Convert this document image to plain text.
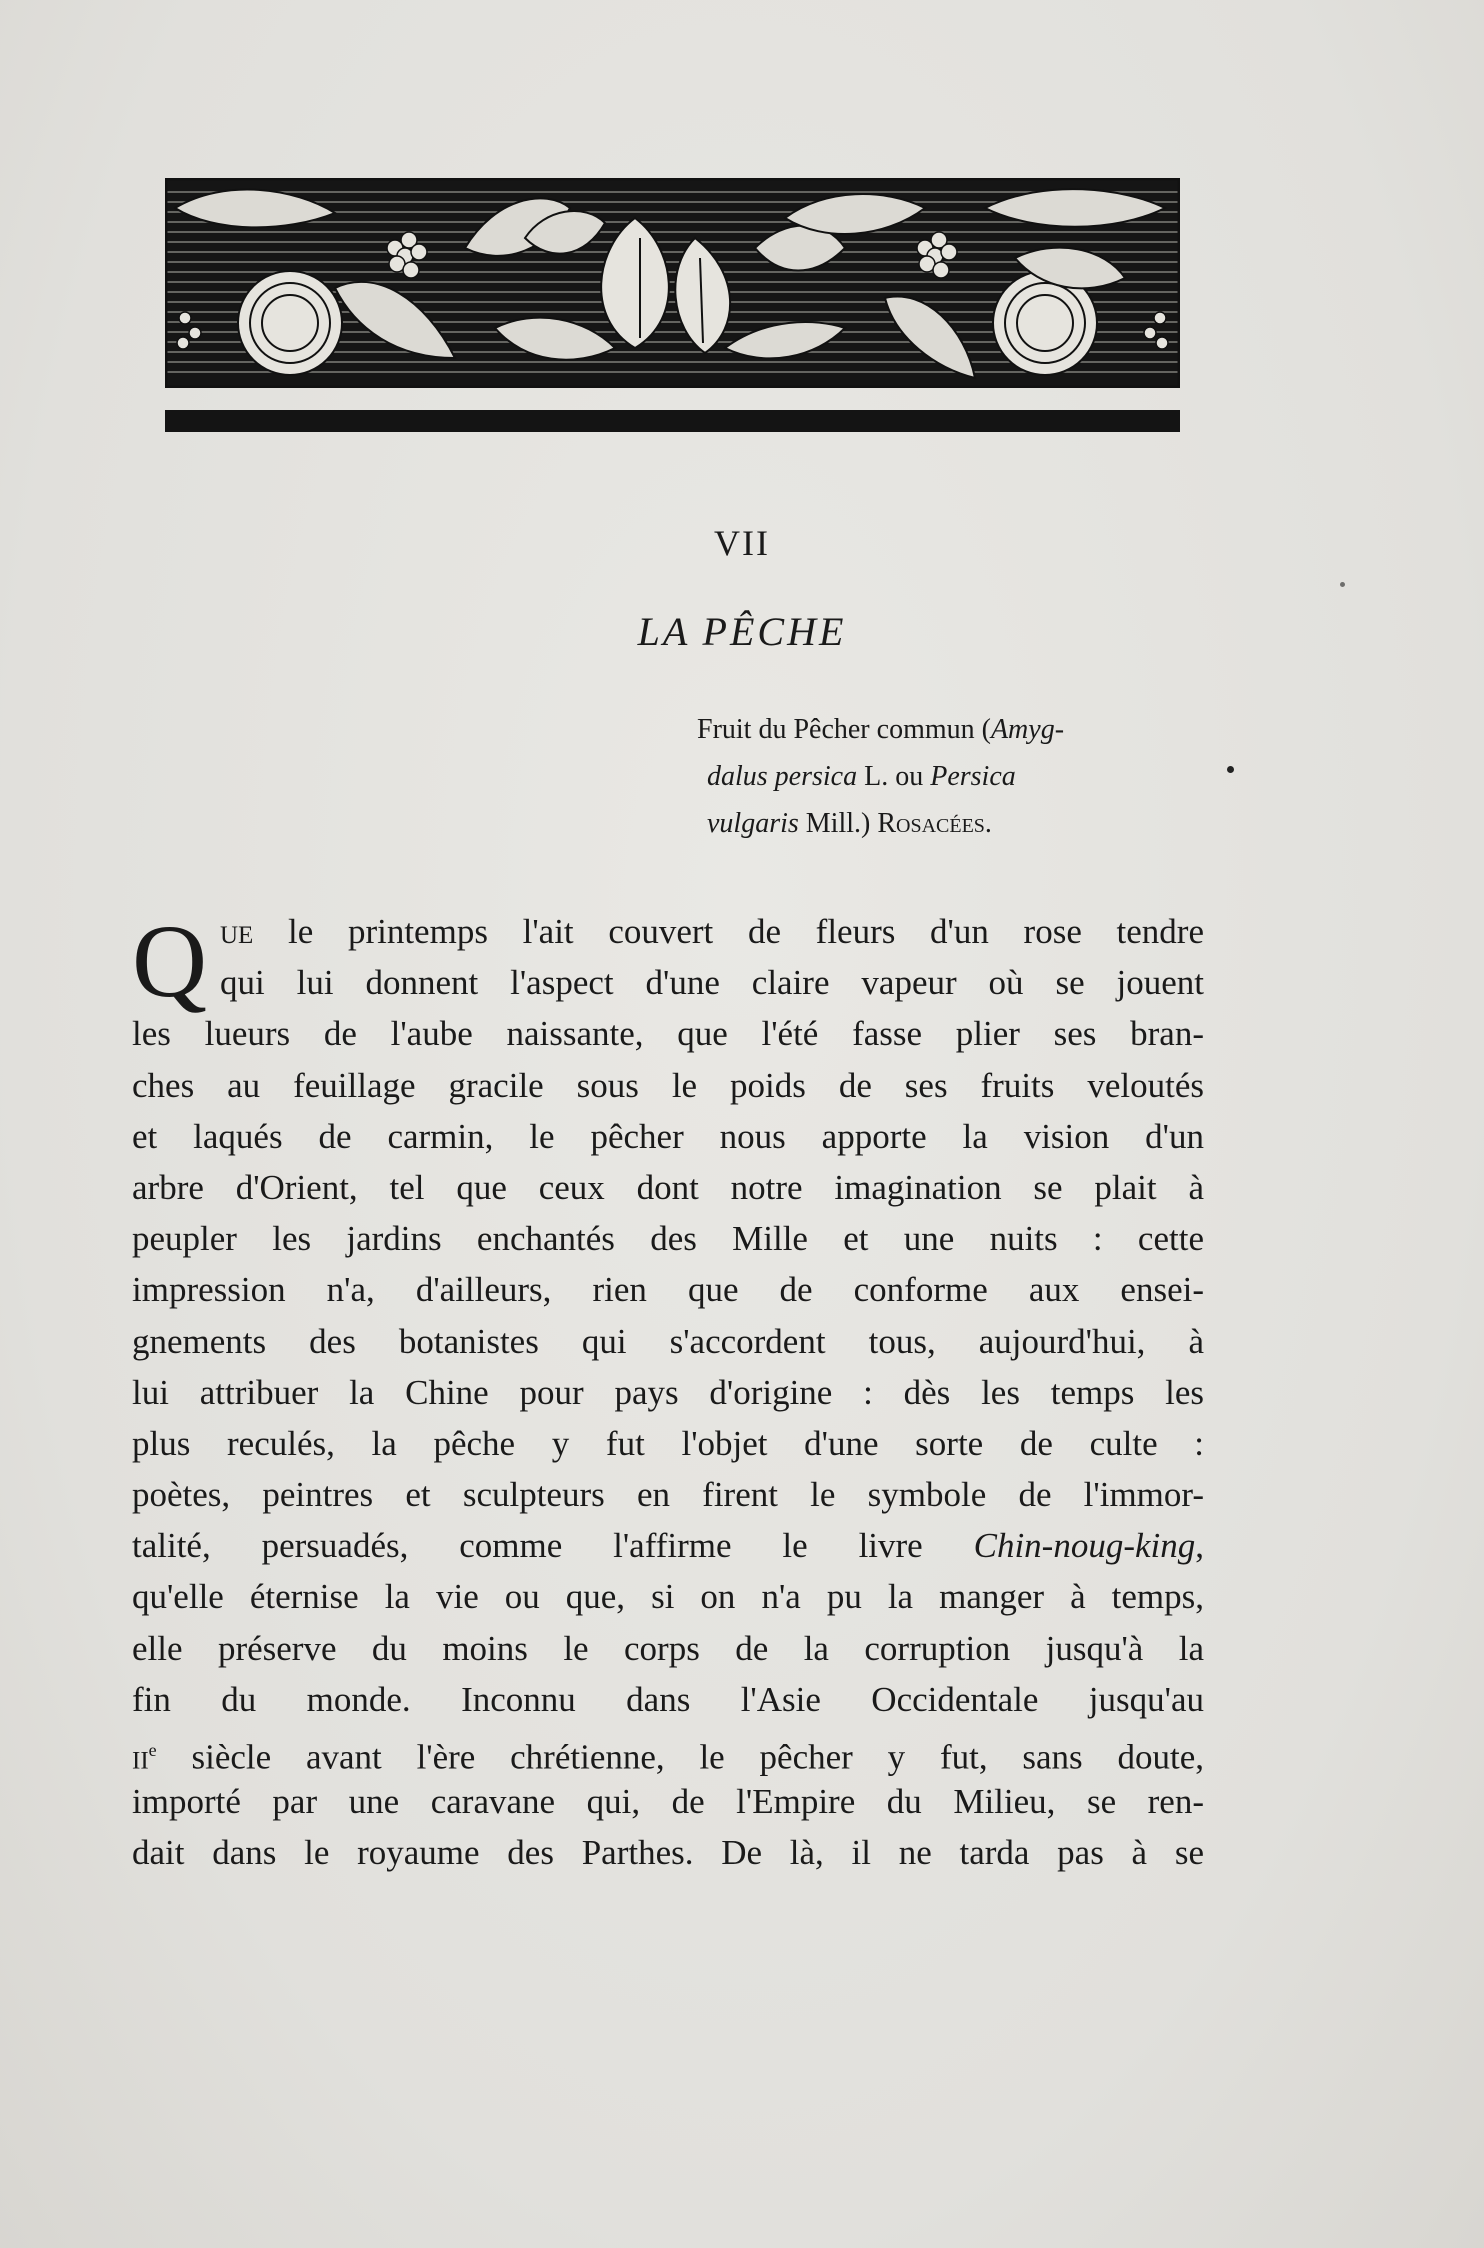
VII
LA PÊCHE
Fruit du Pêcher commun (Amyg-
dalus persica L. ou Persica
vulgaris Mill.) Rosacées.
Q ue le printemps l'ait couvert de fleurs d'un rose tendre
qui lui donnent l'aspect d'une claire vapeur où se jouent
les lueurs de l'aube naissante, que l'été fasse plier ses bran-
ches au feuillage gracile sous le poids de ses fruits veloutés
et laqués de carmin, le pêcher nous apporte la vision d'un
arbre d'Orient, tel que ceux dont notre imagination se plait à
peupler les jardins enchantés des Mille et une nuits : cette
impression n'a, d'ailleurs, rien que de conforme aux ensei-
gnements des botanistes qui s'accordent tous, aujourd'hui, à
lui attribuer la Chine pour pays d'origine : dès les temps les
plus reculés, la pêche y fut l'objet d'une sorte de culte :
poètes, peintres et sculpteurs en firent le symbole de l'immor-
talité, persuadés, comme l'affirme le livre Chin-noug-king,
qu'elle éternise la vie ou que, si on n'a pu la manger à temps,
elle préserve du moins le corps de la corruption jusqu'à la
fin du monde. Inconnu dans l'Asie Occidentale jusqu'au
$ii^e$ siècle avant l'ère chrétienne, le pêcher y fut, sans doute,
importé par une caravane qui, de l'Empire du Milieu, se ren-
dait dans le royaume des Parthes. De là, il ne tarda pas à se
